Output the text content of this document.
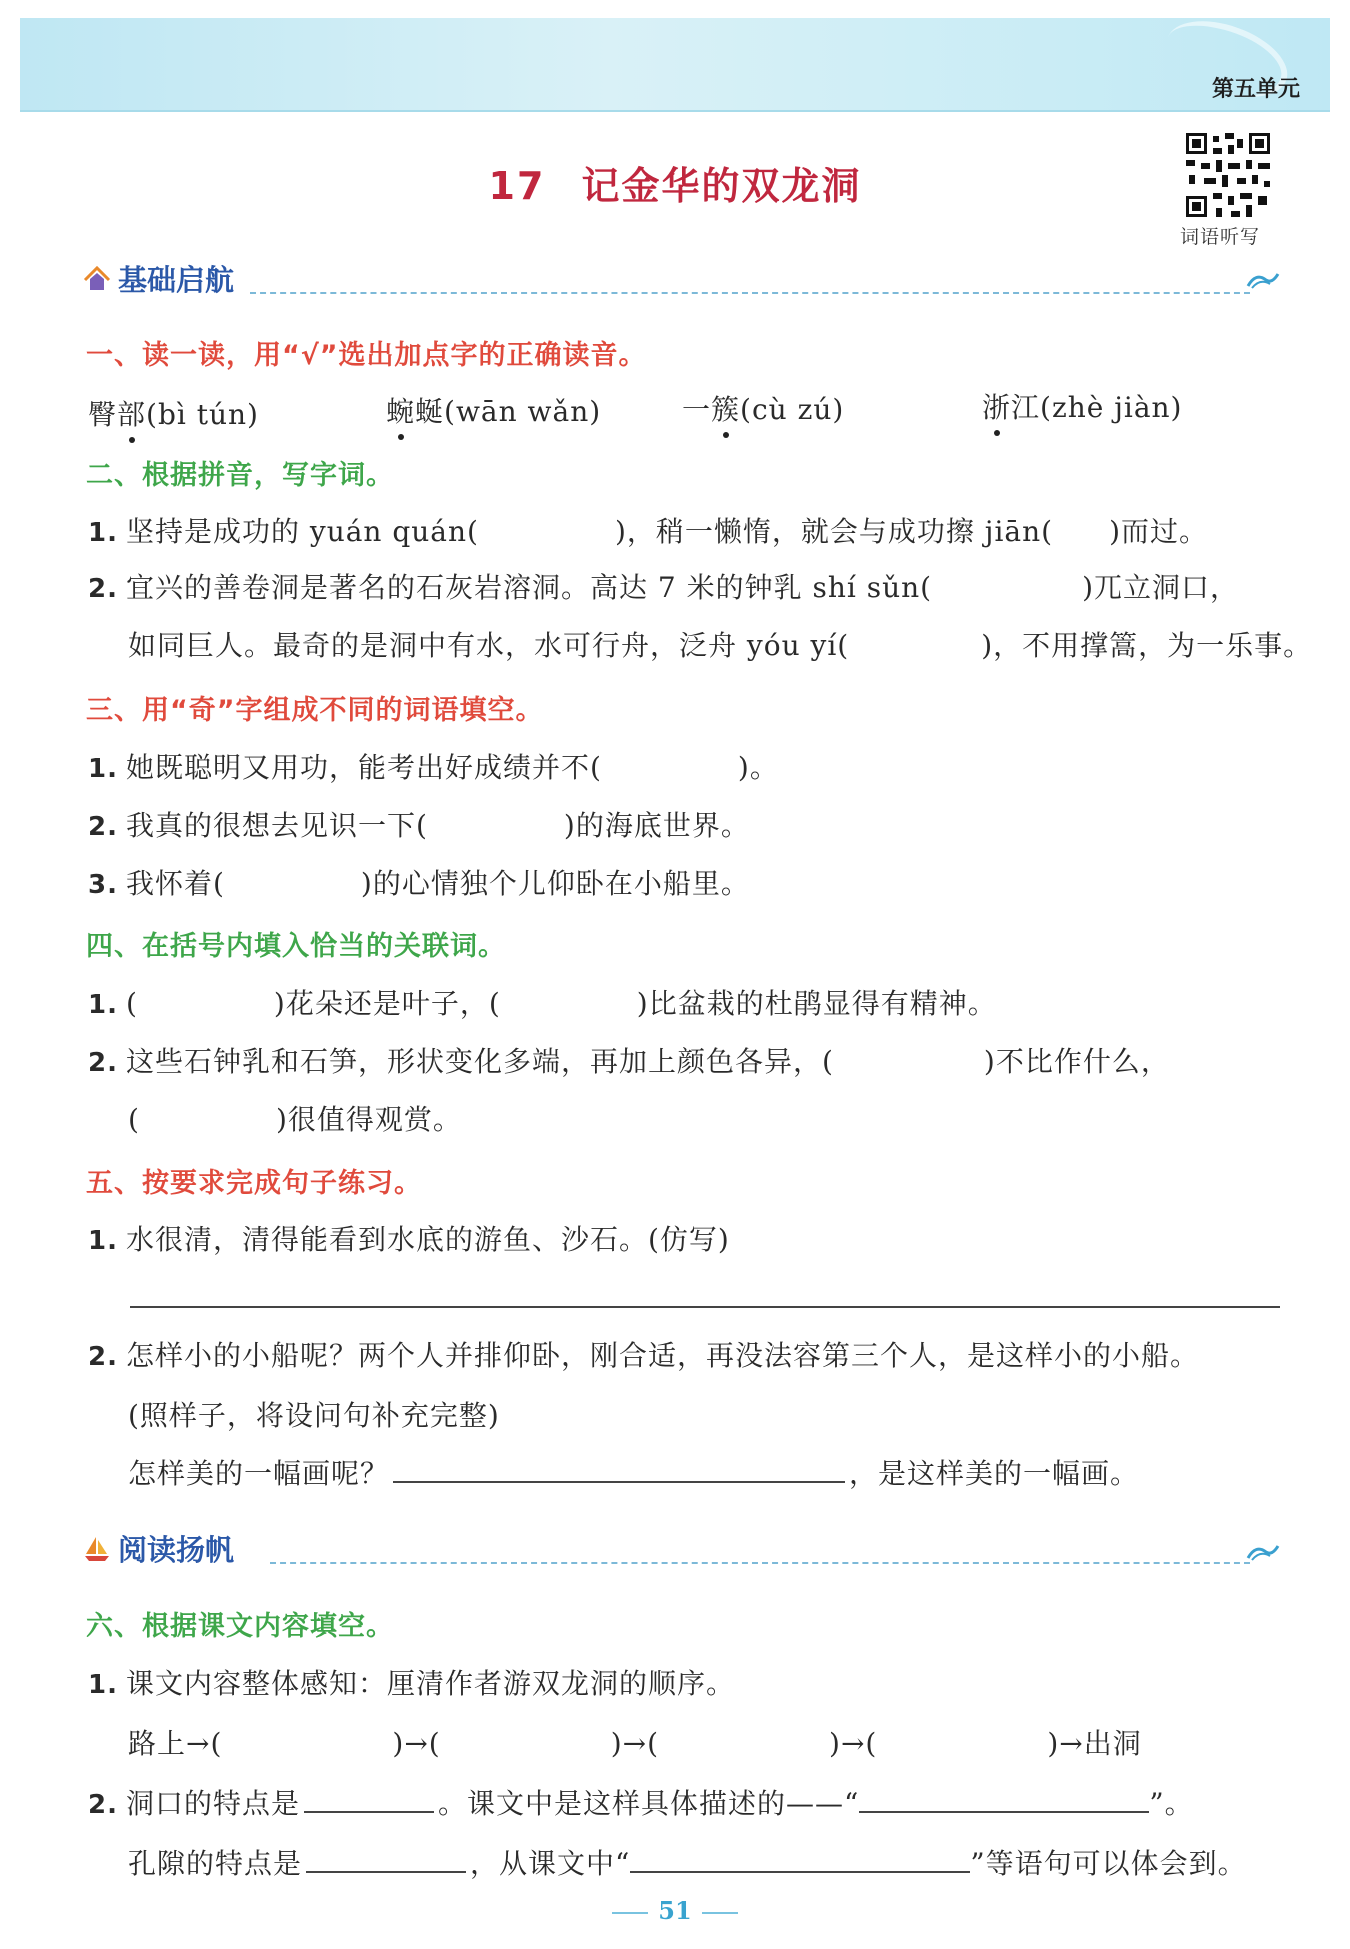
第五单元
词语听写
17 记金华的双龙洞
基础启航
一、读一读，用“√”选出加点字的正确读音。
臀部(bì tún)	蜿蜒(wān wǎn)	一簇(cù zú)	浙江(zhè jiàn)
二、根据拼音，写字词。
1. 坚持是成功的 yuán quán(	)，稍一懒惰，就会与成功擦 jiān( )而过。
2. 宜兴的善卷洞是著名的石灰岩溶洞。高达 7 米的钟乳 shí sǔn(	)兀立洞口，
如同巨人。最奇的是洞中有水，水可行舟，泛舟 yóu yí(	)，不用撑篙，为一乐事。
三、用“奇”字组成不同的词语填空。
1. 她既聪明又用功，能考出好成绩并不(	)。
2. 我真的很想去见识一下(	)的海底世界。
3. 我怀着(	)的心情独个儿仰卧在小船里。
四、在括号内填入恰当的关联词。
1. (	)花朵还是叶子，(	)比盆栽的杜鹃显得有精神。
2. 这些石钟乳和石笋，形状变化多端，再加上颜色各异，(	)不比作什么，
(	)很值得观赏。
五、按要求完成句子练习。
1. 水很清，清得能看到水底的游鱼、沙石。(仿写)
2. 怎样小的小船呢？两个人并排仰卧，刚合适，再没法容第三个人，是这样小的小船。
(照样子，将设问句补充完整)
怎样美的一幅画呢？	，是这样美的一幅画。
阅读扬帆
六、根据课文内容填空。
1. 课文内容整体感知：厘清作者游双龙洞的顺序。
路上→(	)→(	)→(	)→(	)→出洞
2. 洞口的特点是	。课文中是这样具体描述的——“	”。
孔隙的特点是	，从课文中“	”等语句可以体会到。
51
